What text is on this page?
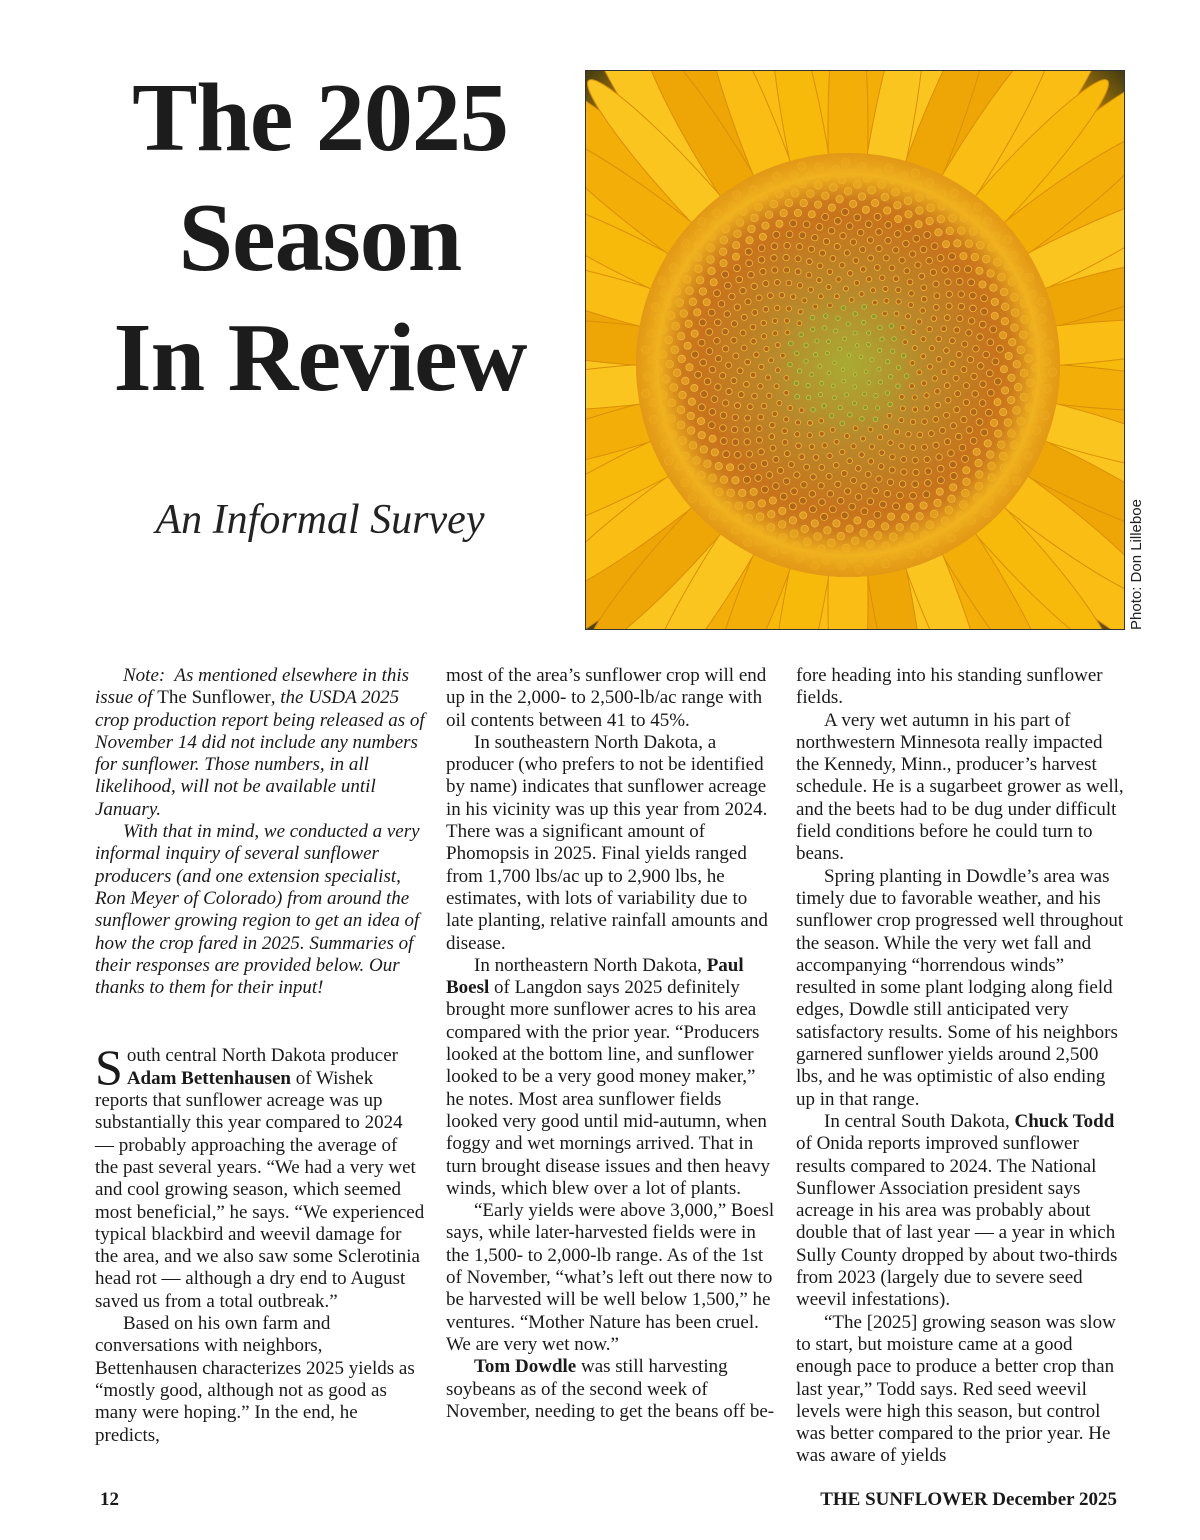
The 2025
Season
In Review
An Informal Survey	Photo: Don Lilleboe

Note: As mentioned elsewhere in this issue of The Sunflower, the USDA 2025 crop production report being released as of November 14 did not include any numbers for sunflower. Those numbers, in all likelihood, will not be available until January.

With that in mind, we conducted a very informal inquiry of several sunflower producers (and one extension specialist, Ron Meyer of Colorado) from around the sunflower growing region to get an idea of how the crop fared in 2025. Summaries of their responses are provided below. Our thanks to them for their input!

South central North Dakota producer Adam Bettenhausen of Wishek reports that sunflower acreage was up substantially this year compared to 2024 — probably approaching the average of the past several years. “We had a very wet and cool growing season, which seemed most beneficial,” he says. “We experienced typical blackbird and weevil damage for the area, and we also saw some Sclerotinia head rot — although a dry end to August saved us from a total outbreak.”

Based on his own farm and conversations with neighbors, Bettenhausen characterizes 2025 yields as “mostly good, although not as good as many were hoping.” In the end, he predicts,

most of the area’s sunflower crop will end up in the 2,000- to 2,500-lb/ac range with oil contents between 41 to 45%.

In southeastern North Dakota, a producer (who prefers to not be identified by name) indicates that sunflower acreage in his vicinity was up this year from 2024. There was a significant amount of Phomopsis in 2025. Final yields ranged from 1,700 lbs/ac up to 2,900 lbs, he estimates, with lots of variability due to late planting, relative rainfall amounts and disease.

In northeastern North Dakota, Paul Boesl of Langdon says 2025 definitely brought more sunflower acres to his area compared with the prior year. “Producers looked at the bottom line, and sunflower looked to be a very good money maker,” he notes. Most area sunflower fields looked very good until mid-autumn, when foggy and wet mornings arrived. That in turn brought disease issues and then heavy winds, which blew over a lot of plants.

“Early yields were above 3,000,” Boesl says, while later-harvested fields were in the 1,500- to 2,000-lb range. As of the 1st of November, “what’s left out there now to be harvested will be well below 1,500,” he ventures. “Mother Nature has been cruel. We are very wet now.”

Tom Dowdle was still harvesting soybeans as of the second week of November, needing to get the beans off be-

fore heading into his standing sunflower fields.

A very wet autumn in his part of northwestern Minnesota really impacted the Kennedy, Minn., producer’s harvest schedule. He is a sugarbeet grower as well, and the beets had to be dug under difficult field conditions before he could turn to beans.

Spring planting in Dowdle’s area was timely due to favorable weather, and his sunflower crop progressed well throughout the season. While the very wet fall and accompanying “horrendous winds” resulted in some plant lodging along field edges, Dowdle still anticipated very satisfactory results. Some of his neighbors garnered sunflower yields around 2,500 lbs, and he was optimistic of also ending up in that range.

In central South Dakota, Chuck Todd of Onida reports improved sunflower results compared to 2024. The National Sunflower Association president says acreage in his area was probably about double that of last year — a year in which Sully County dropped by about two-thirds from 2023 (largely due to severe seed weevil infestations).

“The [2025] growing season was slow to start, but moisture came at a good enough pace to produce a better crop than last year,” Todd says. Red seed weevil levels were high this season, but control was better compared to the prior year. He was aware of yields

12	THE SUNFLOWER December 2025
